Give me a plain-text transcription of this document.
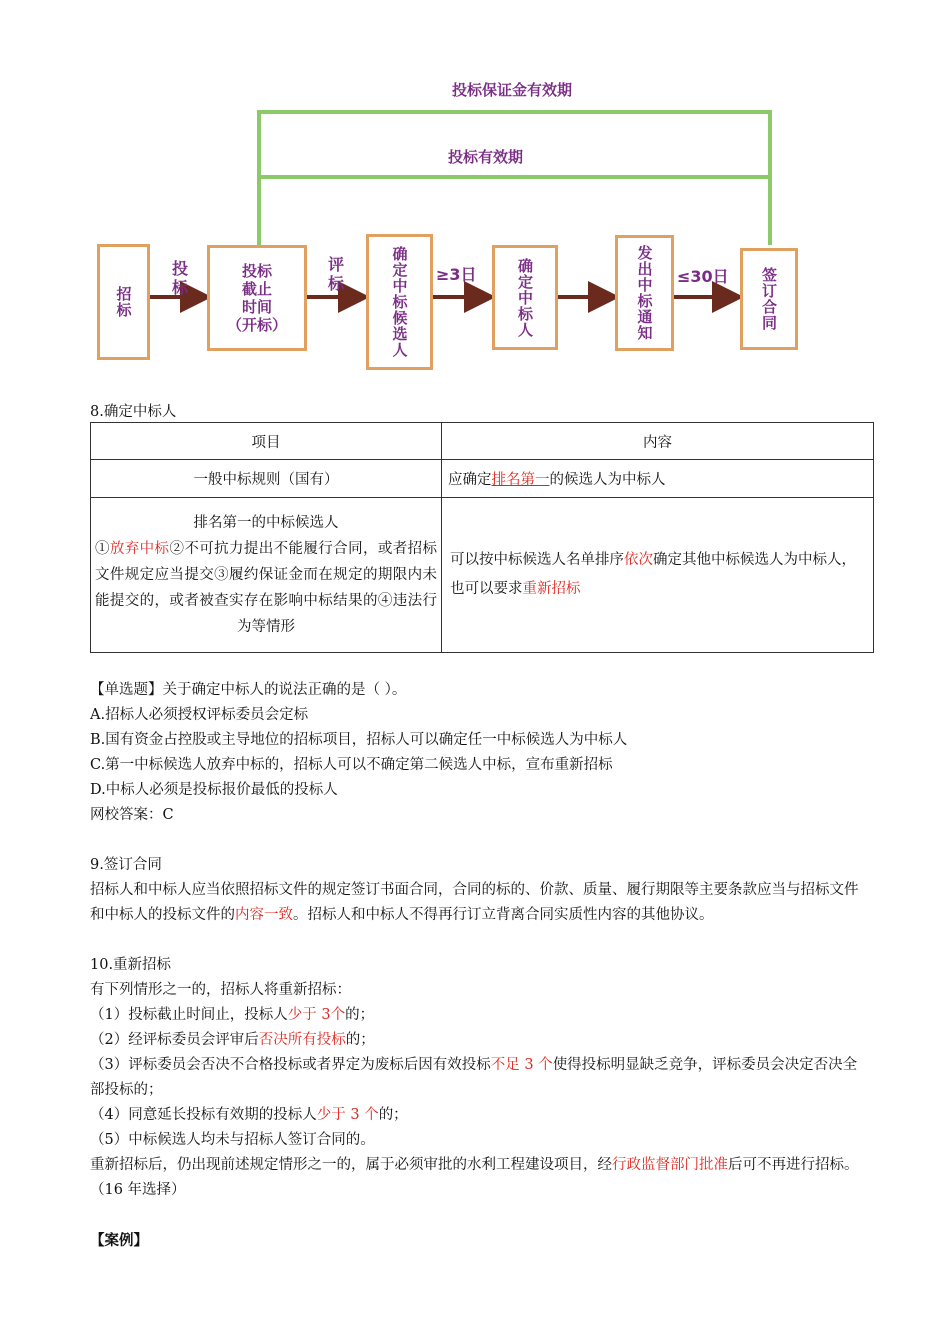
投标保证金有效期
投标有效期
招标
投标
截止
时间
（开标）	确定中标候选人	确定中标人	发出中标通知	签订合同
投标
评标	≥3日	≤30日
8.确定中标人
项目	内容
一般中标规则（国有）	应确定排名第一的候选人为中标人

排名第一的中标候选人
①放弃中标②不可抗力提出不能履行合同，或者招标文件规定应当提交③履约保证金而在规定的期限内未能提交的，或者被查实存在影响中标结果的④违法行为等情形	可以按中标候选人名单排序依次确定其他中标候选人为中标人，也可以要求重新招标
【单选题】关于确定中标人的说法正确的是（ ）。
A.招标人必须授权评标委员会定标
B.国有资金占控股或主导地位的招标项目，招标人可以确定任一中标候选人为中标人
C.第一中标候选人放弃中标的，招标人可以不确定第二候选人中标，宣布重新招标
D.中标人必须是投标报价最低的投标人
网校答案：C
9.签订合同
招标人和中标人应当依照招标文件的规定签订书面合同，合同的标的、价款、质量、履行期限等主要条款应当与招标文件和中标人的投标文件的内容一致。招标人和中标人不得再行订立背离合同实质性内容的其他协议。
10.重新招标
有下列情形之一的，招标人将重新招标：
（1）投标截止时间止，投标人少于 3个的；
（2）经评标委员会评审后否决所有投标的；
（3）评标委员会否决不合格投标或者界定为废标后因有效投标不足 3 个使得投标明显缺乏竞争，评标委员会决定否决全部投标的；
（4）同意延长投标有效期的投标人少于 3 个的；
（5）中标候选人均未与招标人签订合同的。
重新招标后，仍出现前述规定情形之一的，属于必须审批的水利工程建设项目，经行政监督部门批准后可不再进行招标。（16 年选择）
【案例】
